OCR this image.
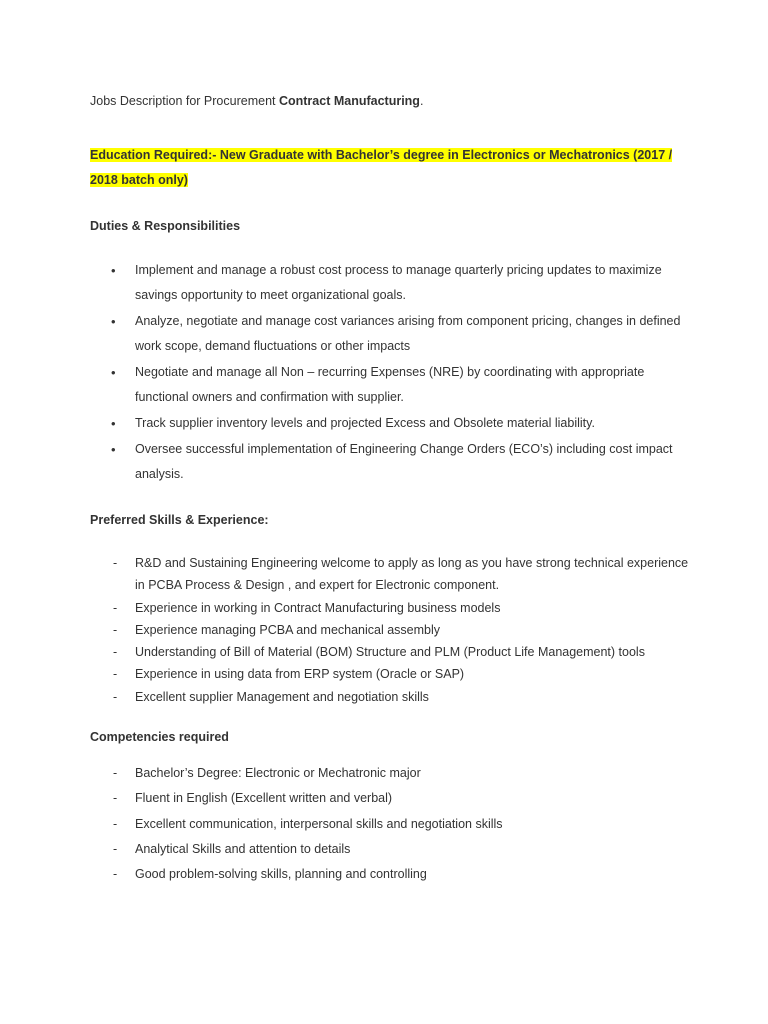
Jobs Description for Procurement Contract Manufacturing.
Education Required:- New Graduate with Bachelor’s degree in Electronics or Mechatronics (2017 / 2018 batch only)
Duties & Responsibilities
• Implement and manage a robust cost process to manage quarterly pricing updates to maximize savings opportunity to meet organizational goals.
• Analyze, negotiate and manage cost variances arising from component pricing, changes in defined work scope, demand fluctuations or other impacts
• Negotiate and manage all Non – recurring Expenses (NRE) by coordinating with appropriate functional owners and confirmation with supplier.
• Track supplier inventory levels and projected Excess and Obsolete material liability.
• Oversee successful implementation of Engineering Change Orders (ECO’s) including cost impact analysis.
Preferred Skills & Experience:
- R&D and Sustaining Engineering welcome to apply as long as you have strong technical experience in PCBA Process & Design , and expert for Electronic component.
- Experience in working in Contract Manufacturing business models
- Experience managing PCBA and mechanical assembly
- Understanding of Bill of Material (BOM) Structure and PLM (Product Life Management) tools
- Experience in using data from ERP system (Oracle or SAP)
- Excellent supplier Management and negotiation skills
Competencies required
- Bachelor’s Degree: Electronic or Mechatronic major
- Fluent in English (Excellent written and verbal)
- Excellent communication, interpersonal skills and negotiation skills
- Analytical Skills and attention to details
- Good problem-solving skills, planning and controlling
